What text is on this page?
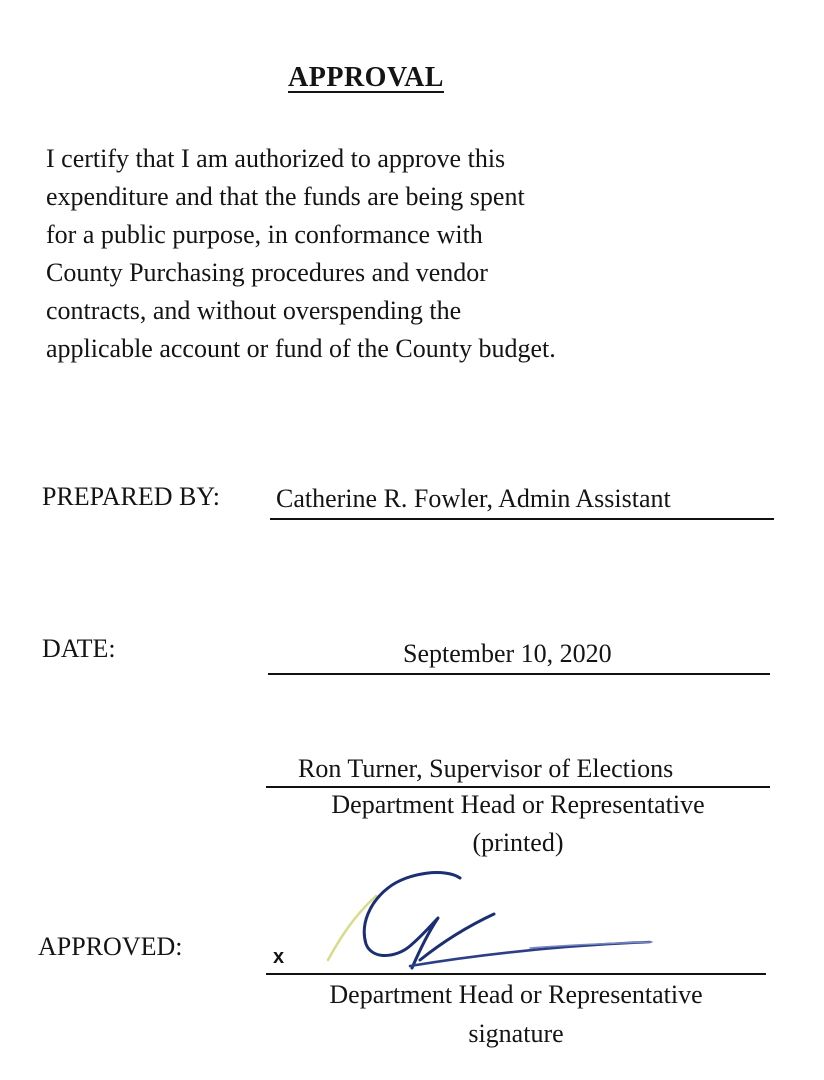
APPROVAL
I certify that I am authorized to approve this
expenditure and that the funds are being spent
for a public purpose, in conformance with
County Purchasing procedures and vendor
contracts, and without overspending the
applicable account or fund of the County budget.
PREPARED BY: Catherine R. Fowler, Admin Assistant
DATE:	September 10, 2020
Ron Turner, Supervisor of Elections
Department Head or Representative
(printed)
APPROVED:	x
Department Head or Representative
signature
